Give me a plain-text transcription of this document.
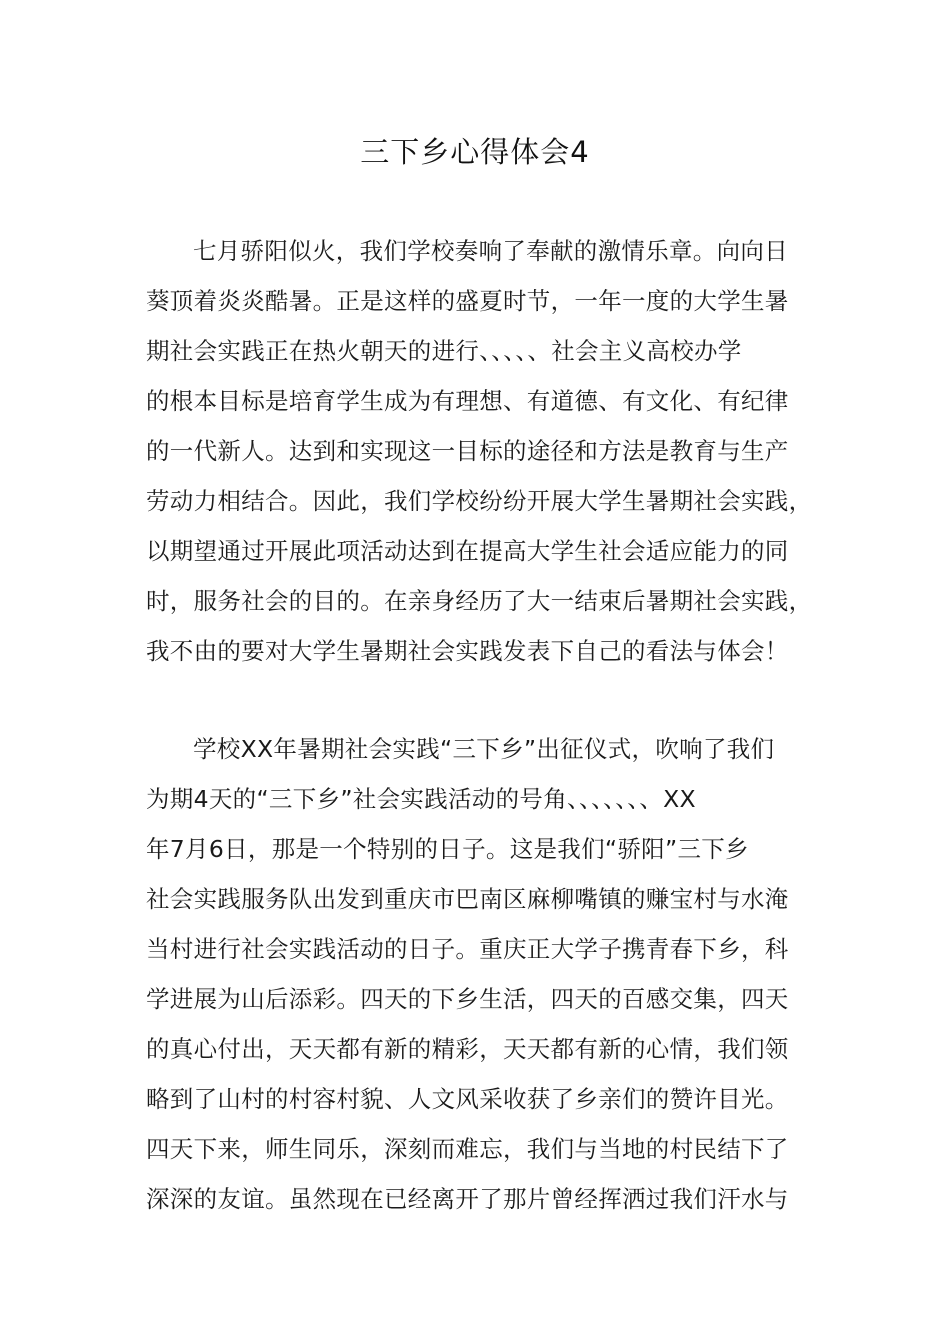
三下乡心得体会4
七月骄阳似火，我们学校奏响了奉献的激情乐章。向向日
葵顶着炎炎酷暑。正是这样的盛夏时节，一年一度的大学生暑
期社会实践正在热火朝天的进行、、、、、社会主义高校办学
的根本目标是培育学生成为有理想、有道德、有文化、有纪律
的一代新人。达到和实现这一目标的途径和方法是教育与生产
劳动力相结合。因此，我们学校纷纷开展大学生暑期社会实践，
以期望通过开展此项活动达到在提高大学生社会适应能力的同
时，服务社会的目的。在亲身经历了大一结束后暑期社会实践，
我不由的要对大学生暑期社会实践发表下自己的看法与体会！
学校XX年暑期社会实践“三下乡”出征仪式，吹响了我们
为期4天的“三下乡”社会实践活动的号角、、、、、、、XX
年7月6日，那是一个特别的日子。这是我们“骄阳”三下乡
社会实践服务队出发到重庆市巴南区麻柳嘴镇的赚宝村与水淹
当村进行社会实践活动的日子。重庆正大学子携青春下乡，科
学进展为山后添彩。四天的下乡生活，四天的百感交集，四天
的真心付出，天天都有新的精彩，天天都有新的心情，我们领
略到了山村的村容村貌、人文风采收获了乡亲们的赞许目光。
四天下来，师生同乐，深刻而难忘，我们与当地的村民结下了
深深的友谊。虽然现在已经离开了那片曾经挥洒过我们汗水与
